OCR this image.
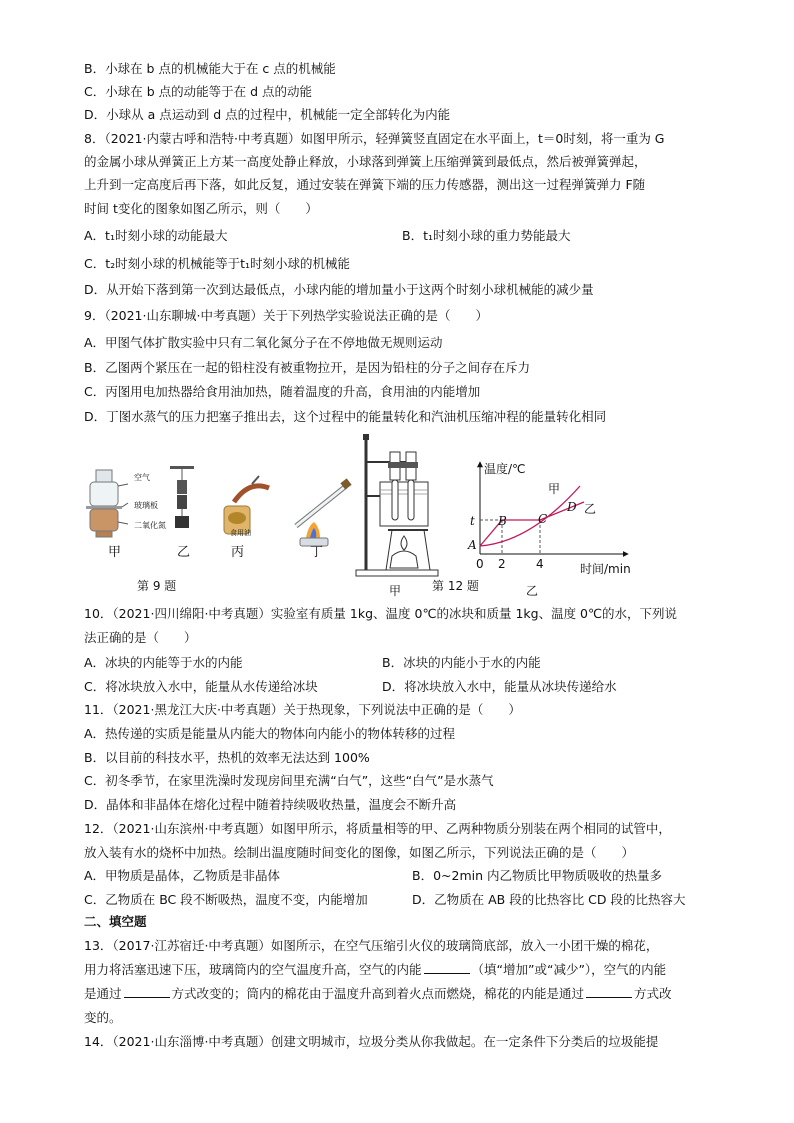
B．小球在 b 点的机械能大于在 c 点的机械能
C．小球在 b 点的动能等于在 d 点的动能
D．小球从 a 点运动到 d 点的过程中，机械能一定全部转化为内能
8．（2021·内蒙古呼和浩特·中考真题）如图甲所示，轻弹簧竖直固定在水平面上，t＝0时刻，将一重为 G
的金属小球从弹簧正上方某一高度处静止释放，小球落到弹簧上压缩弹簧到最低点，然后被弹簧弹起，
上升到一定高度后再下落，如此反复，通过安装在弹簧下端的压力传感器，测出这一过程弹簧弹力 F随
时间 t变化的图象如图乙所示，则（　　）
A．t₁时刻小球的动能最大	B．t₁时刻小球的重力势能最大
C．t₂时刻小球的机械能等于t₁时刻小球的机械能
D．从开始下落到第一次到达最低点，小球内能的增加量小于这两个时刻小球机械能的减少量
9．（2021·山东聊城·中考真题）关于下列热学实验说法正确的是（　　）
A．甲图气体扩散实验中只有二氧化氮分子在不停地做无规则运动
B．乙图两个紧压在一起的铅柱没有被重物拉开，是因为铅柱的分子之间存在斥力
C．丙图用电加热器给食用油加热，随着温度的升高，食用油的内能增加
D．丁图水蒸气的压力把塞子推出去，这个过程中的能量转化和汽油机压缩冲程的能量转化相同
空气
玻璃板
二氧化氮
食用油
甲	乙	丙	丁
第 9 题	甲	第 12 题
温度/℃
时间/min
t
0 2	4
A
B	C
D
甲
乙
乙
10．（2021·四川绵阳·中考真题）实验室有质量 1kg、温度 0℃的冰块和质量 1kg、温度 0℃的水，下列说
法正确的是（　　）
A．冰块的内能等于水的内能	B．冰块的内能小于水的内能
C．将冰块放入水中，能量从水传递给冰块	D．将冰块放入水中，能量从冰块传递给水
11．（2021·黑龙江大庆·中考真题）关于热现象，下列说法中正确的是（　　）
A．热传递的实质是能量从内能大的物体向内能小的物体转移的过程
B．以目前的科技水平，热机的效率无法达到 100%
C．初冬季节，在家里洗澡时发现房间里充满“白气”，这些“白气”是水蒸气
D．晶体和非晶体在熔化过程中随着持续吸收热量，温度会不断升高
12．（2021·山东滨州·中考真题）如图甲所示，将质量相等的甲、乙两种物质分别装在两个相同的试管中，
放入装有水的烧杯中加热。绘制出温度随时间变化的图像，如图乙所示，下列说法正确的是（　　）
A．甲物质是晶体，乙物质是非晶体	B．0~2min 内乙物质比甲物质吸收的热量多
C．乙物质在 BC 段不断吸热，温度不变，内能增加	D．乙物质在 AB 段的比热容比 CD 段的比热容大
二、填空题
13．（2017·江苏宿迁·中考真题）如图所示，在空气压缩引火仪的玻璃筒底部，放入一小团干燥的棉花，
用力将活塞迅速下压，玻璃筒内的空气温度升高，空气的内能	（填“增加”或“减少”），空气的内能
是通过	方式改变的；筒内的棉花由于温度升高到着火点而燃烧，棉花的内能是通过	方式改
变的。
14．（2021·山东淄博·中考真题）创建文明城市，垃圾分类从你我做起。在一定条件下分类后的垃圾能提
